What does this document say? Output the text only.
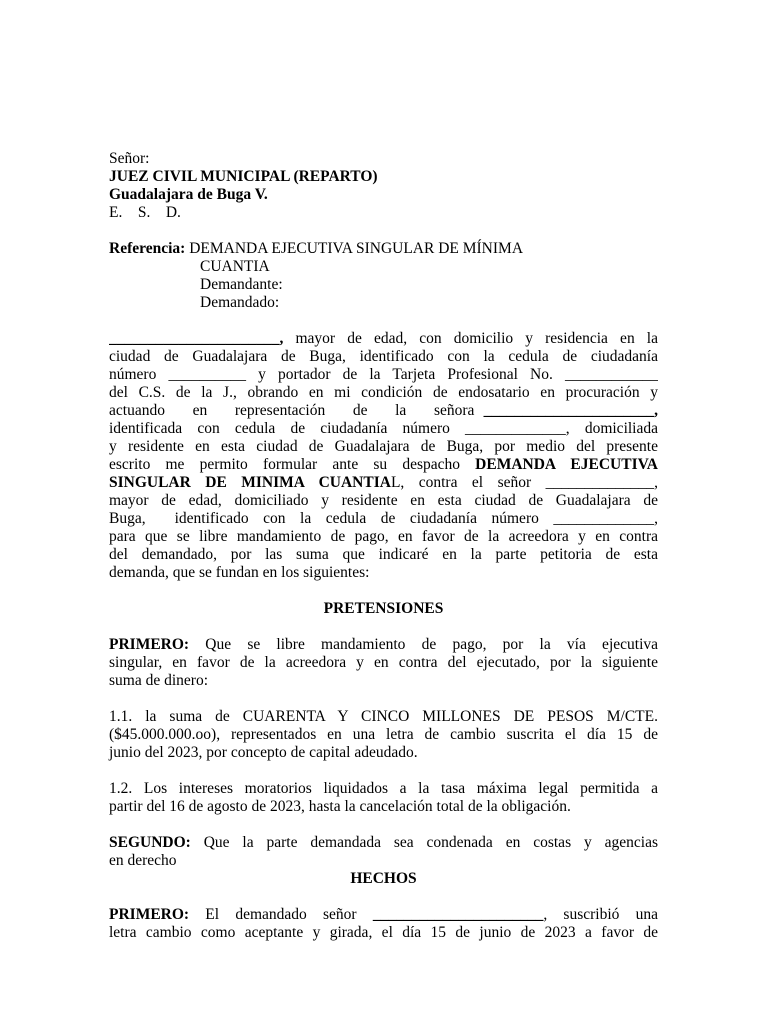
Señor:
JUEZ CIVIL MUNICIPAL (REPARTO)
Guadalajara de Buga V.
E.    S.    D.
Referencia: DEMANDA EJECUTIVA SINGULAR DE MÍNIMA
CUANTIA
Demandante:
Demandado:
______________________, mayor de edad, con domicilio y residencia en la
ciudad de Guadalajara de Buga, identificado con la cedula de ciudadanía
número __________ y portador de la Tarjeta Profesional No. ____________
del C.S. de la J., obrando en mi condición de endosatario en procuración y
actuando   en   representación   de   la   señora ______________________,
identificada con cedula de ciudadanía número _____________, domiciliada
y residente en esta ciudad de Guadalajara de Buga, por medio del presente
escrito me permito formular ante su despacho DEMANDA EJECUTIVA
SINGULAR DE MINIMA CUANTIAL, contra el señor ______________,
mayor de edad, domiciliado y residente en esta ciudad de Guadalajara de
Buga,  identificado con la cedula de ciudadanía número _____________,
para que se libre mandamiento de pago, en favor de la acreedora y en contra
del demandado, por las suma que indicaré en la parte petitoria de esta
demanda, que se fundan en los siguientes:
PRETENSIONES
PRIMERO: Que se libre mandamiento de pago, por la vía ejecutiva
singular, en favor de la acreedora y en contra del ejecutado, por la siguiente
suma de dinero:
1.1. la suma de CUARENTA Y CINCO MILLONES DE PESOS M/CTE.
($45.000.000.oo), representados en una letra de cambio suscrita el día 15 de
junio del 2023, por concepto de capital adeudado.
1.2. Los intereses moratorios liquidados a la tasa máxima legal permitida a
partir del 16 de agosto de 2023, hasta la cancelación total de la obligación.
SEGUNDO: Que la parte demandada sea condenada en costas y agencias
en derecho
HECHOS
PRIMERO: El demandado señor ______________________, suscribió una
letra cambio como aceptante y girada, el día 15 de junio de 2023 a favor de
